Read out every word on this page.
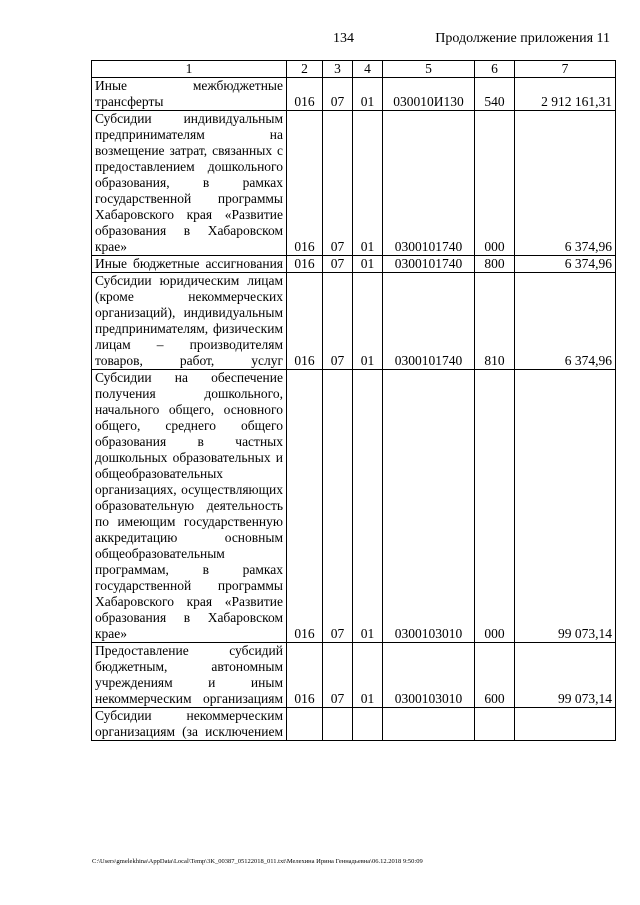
134	Продолжение приложения 11
1	2	3	4	5	6	7
Иные межбюджетные трансферты	016	07	01	030010И130	540	2 912 161,31
Субсидии индивидуальным предпринимателям на возмещение затрат, связанных с предоставлением дошкольного образования, в рамках государственной программы Хабаровского края «Развитие образования в Хабаровском крае»	016	07	01	0300101740	000	6 374,96
Иные бюджетные ассигнования	016	07	01	0300101740	800	6 374,96
Субсидии юридическим лицам (кроме некоммерческих организаций), индивидуальным предпринимателям, физическим лицам – производителям товаров, работ, услуг	016	07	01	0300101740	810	6 374,96
Субсидии на обеспечение получения дошкольного, начального общего, основного общего, среднего общего образования в частных дошкольных образовательных и общеобразовательных организациях, осуществляющих образовательную деятельность по имеющим государственную аккредитацию основным общеобразовательным программам, в рамках государственной программы Хабаровского края «Развитие образования в Хабаровском крае»	016	07	01	0300103010	000	99 073,14
Предоставление субсидий бюджетным, автономным учреждениям и иным некоммерческим организациям	016	07	01	0300103010	600	99 073,14
Субсидии некоммерческим организациям (за исключением						
C:\Users\gmelekhina\AppData\Local\Temp\3K_00387_05122018_011.txt\Мелехина Ирина Геннадьевна\06.12.2018 9:50:09
